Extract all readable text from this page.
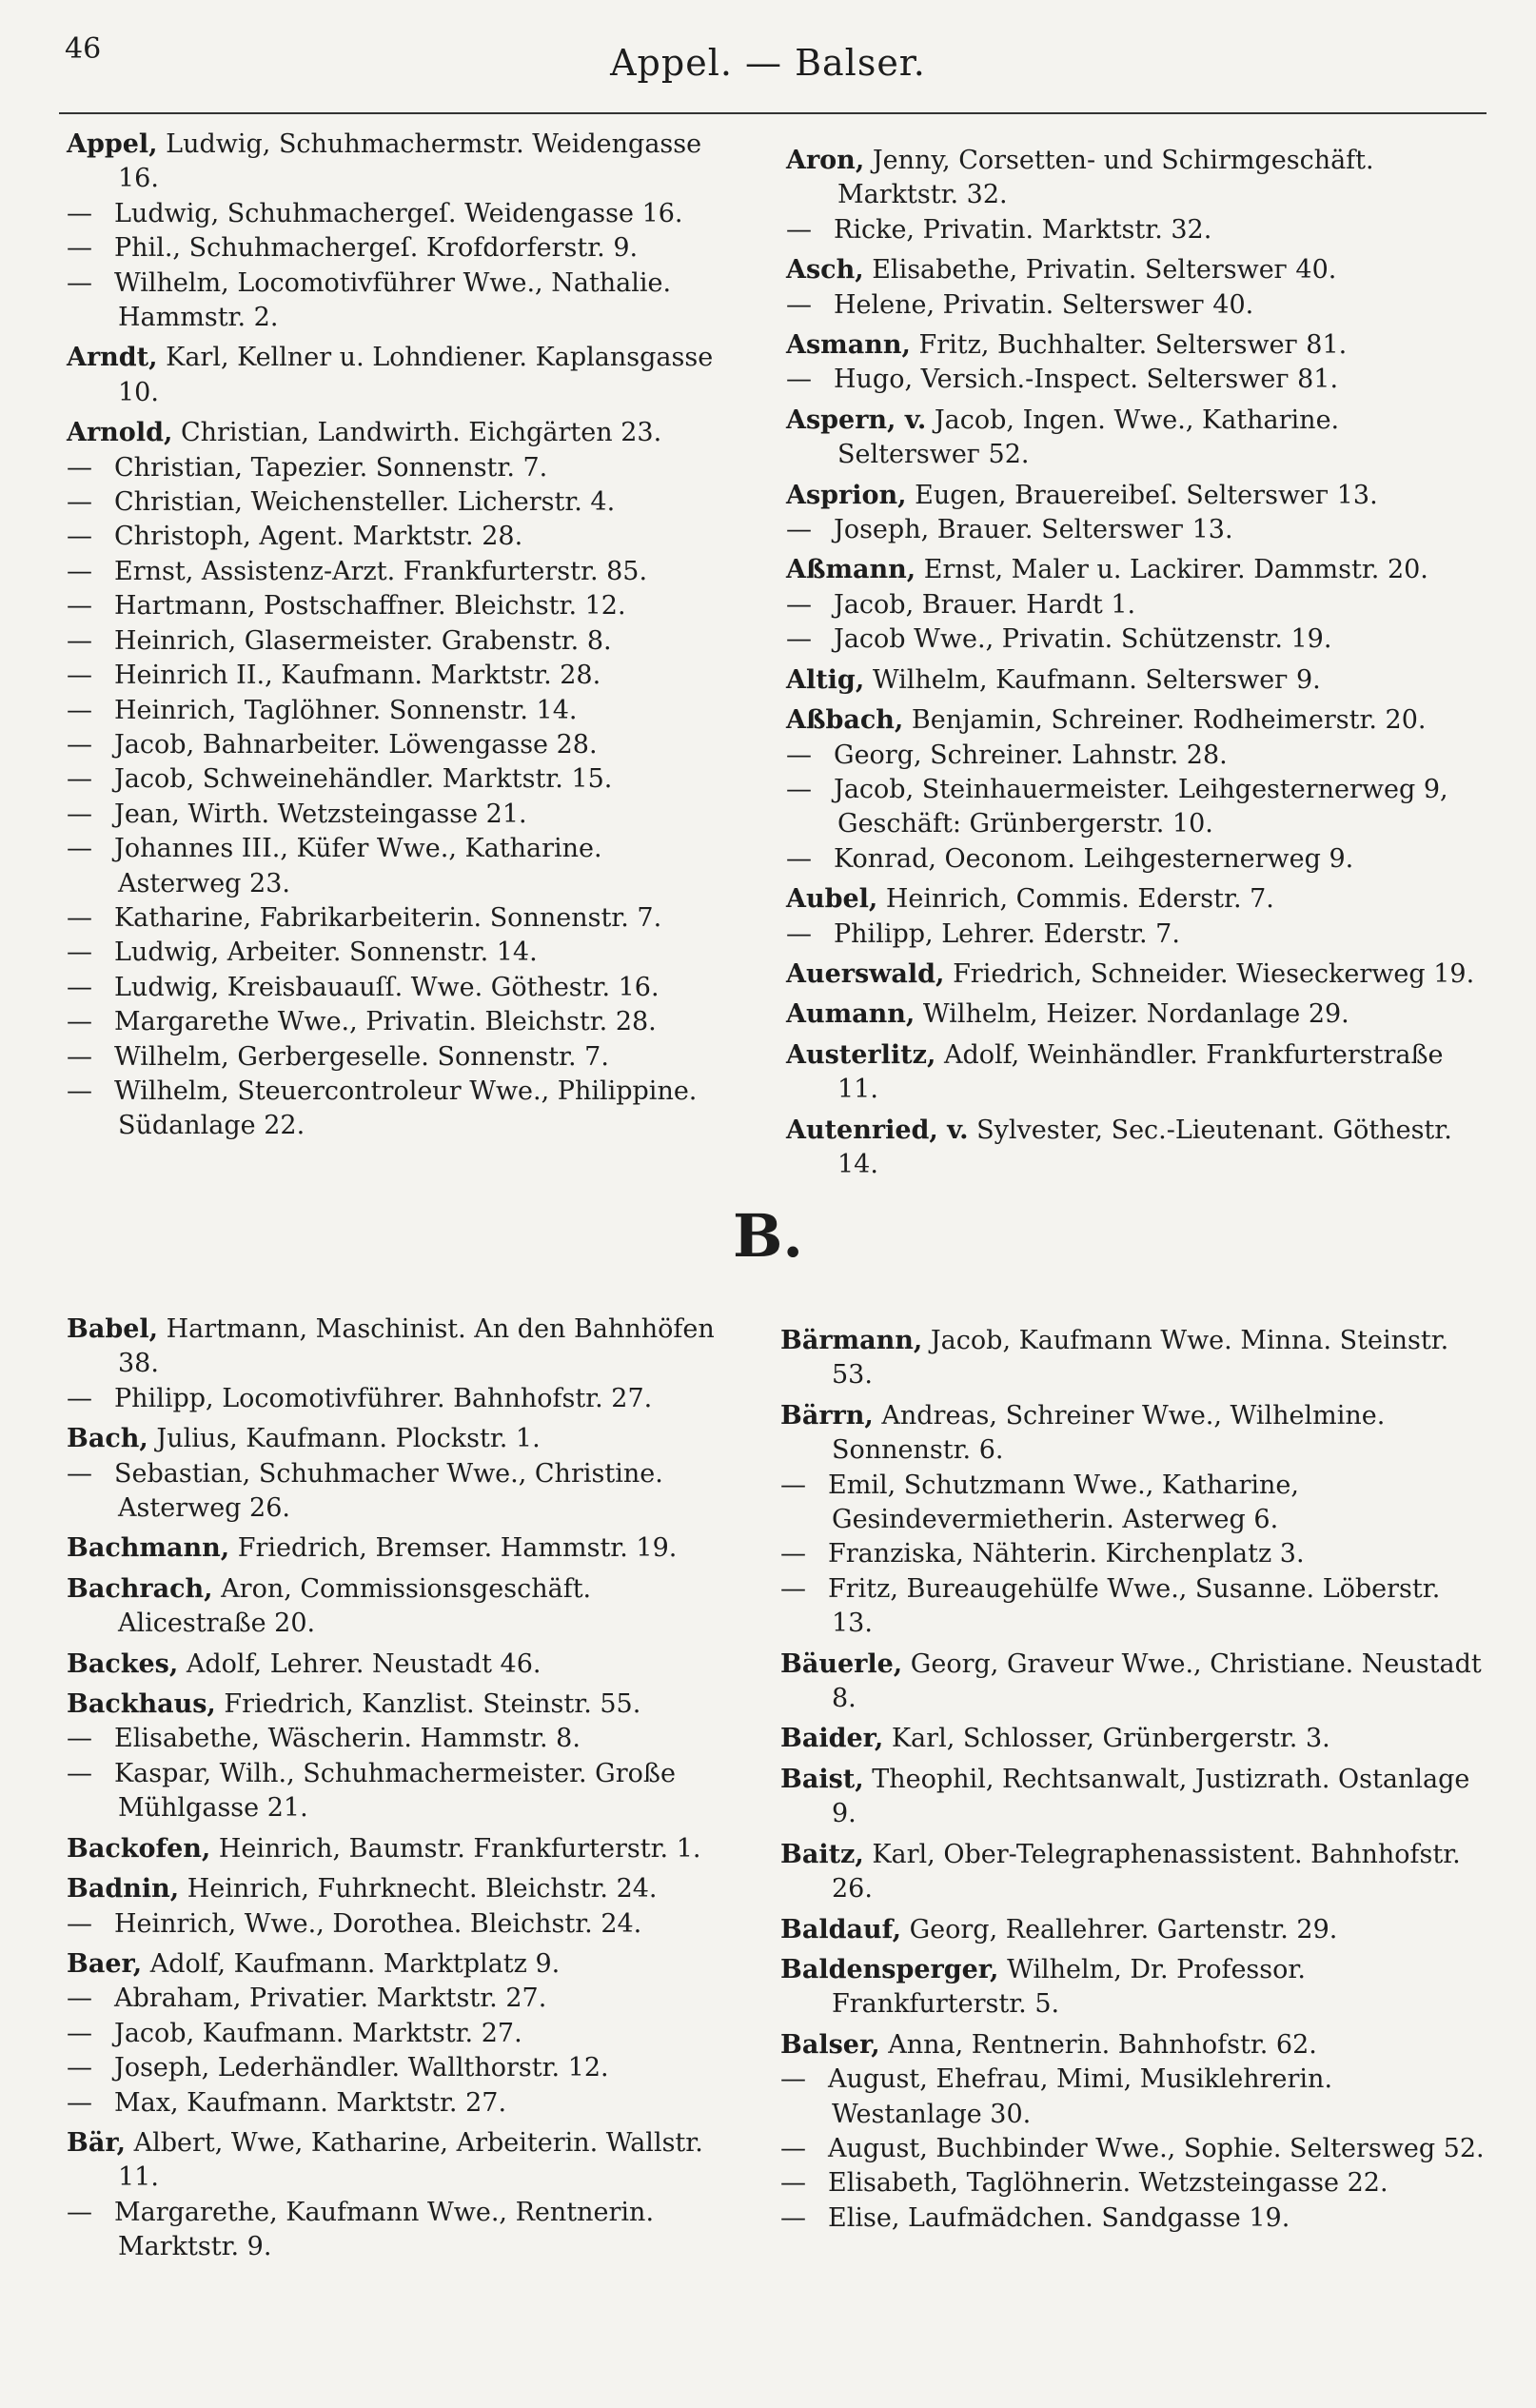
46	Appel. — Balser.

Appel, Ludwig, Schuhmachermstr. Weidengasse 16.

— Ludwig, Schuhmachergeſ. Weidengasse 16.

— Phil., Schuhmachergeſ. Krofdorferstr. 9.

— Wilhelm, Locomotivführer Wwe., Nathalie. Hammstr. 2.

Arndt, Karl, Kellner u. Lohndiener. Kaplansgasse 10.

Arnold, Christian, Landwirth. Eichgärten 23.

— Christian, Tapezier. Sonnenstr. 7.

— Christian, Weichensteller. Licherstr. 4.

— Christoph, Agent. Marktstr. 28.

— Ernst, Assistenz-Arzt. Frankfurterstr. 85.

— Hartmann, Postschaffner. Bleichstr. 12.

— Heinrich, Glasermeister. Grabenstr. 8.

— Heinrich II., Kaufmann. Marktstr. 28.

— Heinrich, Taglöhner. Sonnenstr. 14.

— Jacob, Bahnarbeiter. Löwengasse 28.

— Jacob, Schweinehändler. Marktstr. 15.

— Jean, Wirth. Wetzsteingasse 21.

— Johannes III., Küfer Wwe., Katharine. Asterweg 23.

— Katharine, Fabrikarbeiterin. Sonnenstr. 7.

— Ludwig, Arbeiter. Sonnenstr. 14.

— Ludwig, Kreisbauauſſ. Wwe. Göthestr. 16.

— Margarethe Wwe., Privatin. Bleichstr. 28.

— Wilhelm, Gerbergeselle. Sonnenstr. 7.

— Wilhelm, Steuercontroleur Wwe., Philippine. Südanlage 22.

Aron, Jenny, Corsetten- und Schirmgeschäft. Marktstr. 32.

— Ricke, Privatin. Marktstr. 32.

Asch, Elisabethe, Privatin. Selterswег 40.

— Helene, Privatin. Selterswег 40.

Asmann, Fritz, Buchhalter. Selterswег 81.

— Hugo, Versich.-Inspect. Selterswег 81.

Aspern, v. Jacob, Ingen. Wwe., Katharine. Selterswег 52.

Asprion, Eugen, Brauereibeſ. Selterswег 13.

— Joseph, Brauer. Selterswег 13.

Aßmann, Ernst, Maler u. Lackirer. Dammstr. 20.

— Jacob, Brauer. Hardt 1.

— Jacob Wwe., Privatin. Schützenstr. 19.

Altig, Wilhelm, Kaufmann. Selterswег 9.

Aßbach, Benjamin, Schreiner. Rodheimerstr. 20.

— Georg, Schreiner. Lahnstr. 28.

— Jacob, Steinhauermeister. Leihgesternerweg 9, Geschäft: Grünbergerstr. 10.

— Konrad, Oeconom. Leihgesternerweg 9.

Aubel, Heinrich, Commis. Ederstr. 7.

— Philipp, Lehrer. Ederstr. 7.

Auerswald, Friedrich, Schneider. Wieseckerweg 19.

Aumann, Wilhelm, Heizer. Nordanlage 29.

Austerlitz, Adolf, Weinhändler. Frankfurterstraße 11.

Autenried, v. Sylvester, Sec.-Lieutenant. Göthestr. 14.

B.

Babel, Hartmann, Maschinist. An den Bahnhöfen 38.

— Philipp, Locomotivführer. Bahnhofstr. 27.

Bach, Julius, Kaufmann. Plockstr. 1.

— Sebastian, Schuhmacher Wwe., Christine. Asterweg 26.

Bachmann, Friedrich, Bremser. Hammstr. 19.

Bachrach, Aron, Commissionsgeschäft. Alicestraße 20.

Backes, Adolf, Lehrer. Neustadt 46.

Backhaus, Friedrich, Kanzlist. Steinstr. 55.

— Elisabethe, Wäscherin. Hammstr. 8.

— Kaspar, Wilh., Schuhmachermeister. Große Mühlgasse 21.

Backofen, Heinrich, Baumstr. Frankfurterstr. 1.

Badnin, Heinrich, Fuhrknecht. Bleichstr. 24.

— Heinrich, Wwe., Dorothea. Bleichstr. 24.

Baer, Adolf, Kaufmann. Marktplatz 9.

— Abraham, Privatier. Marktstr. 27.

— Jacob, Kaufmann. Marktstr. 27.

— Joseph, Lederhändler. Wallthorstr. 12.

— Max, Kaufmann. Marktstr. 27.

Bär, Albert, Wwe, Katharine, Arbeiterin. Wallstr. 11.

— Margarethe, Kaufmann Wwe., Rentnerin. Marktstr. 9.

Bärmann, Jacob, Kaufmann Wwe. Minna. Steinstr. 53.

Bärrn, Andreas, Schreiner Wwe., Wilhelmine. Sonnenstr. 6.

— Emil, Schutzmann Wwe., Katharine, Gesindevermietherin. Asterweg 6.

— Franziska, Nähterin. Kirchenplatz 3.

— Fritz, Bureaugehülfe Wwe., Susanne. Löberstr. 13.

Bäuerle, Georg, Graveur Wwe., Christiane. Neustadt 8.

Baider, Karl, Schlosser, Grünbergerstr. 3.

Baist, Theophil, Rechtsanwalt, Justizrath. Ostanlage 9.

Baitz, Karl, Ober-Telegraphenassistent. Bahnhofstr. 26.

Baldauf, Georg, Reallehrer. Gartenstr. 29.

Baldensperger, Wilhelm, Dr. Professor. Frankfurterstr. 5.

Balser, Anna, Rentnerin. Bahnhofstr. 62.

— August, Ehefrau, Mimi, Musiklehrerin. Westanlage 30.

— August, Buchbinder Wwe., Sophie. Seltersweg 52.

— Elisabeth, Taglöhnerin. Wetzsteingasse 22.

— Elise, Laufmädchen. Sandgasse 19.
